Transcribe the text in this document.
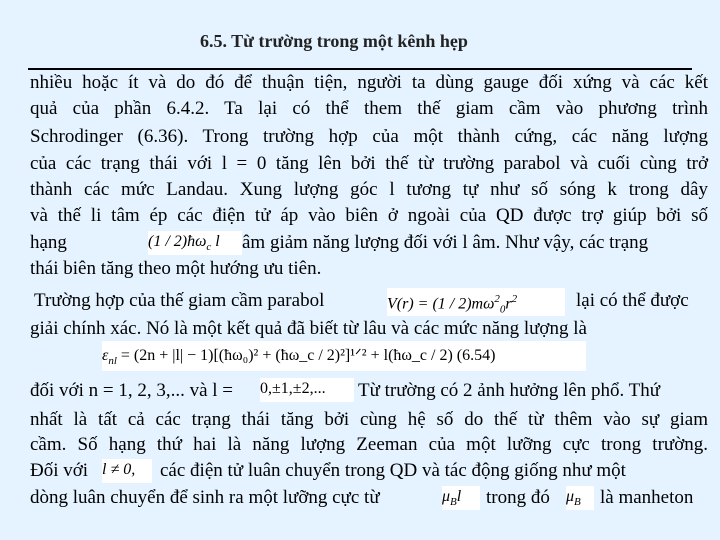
6.5. Từ trường trong một kênh hẹp
nhiều hoặc ít và do đó để thuận tiện, người ta dùng gauge đối xứng và các kết
quả của phần 6.4.2. Ta lại có thể them thế giam cầm vào phương trình
Schrodinger (6.36). Trong trường hợp của một thành cứng, các năng lượng
của các trạng thái với l = 0 tăng lên bởi thế từ trường parabol và cuối cùng trở
thành các mức Landau. Xung lượng góc l tương tự như số sóng k trong dây
và thế li tâm ép các điện tử áp vào biên ở ngoài của QD được trợ giúp bởi số
hạng	$(1 / 2)ħ\omega_c$ l	âm giảm năng lượng đối với l âm. Như vậy, các trạng
thái biên tăng theo một hướng ưu tiên.
Trường hợp của thế giam cầm parabol	$V(r) = (1 / 2)m\omega^2_0r^2$	lại có thể được
giải chính xác. Nó là một kết quả đã biết từ lâu và các mức năng lượng là
$\varepsilon_{nl} = (2n + |l|$ − 1)[(ħω₀)² + (ħω_c / 2)²]¹ᐟ² + l(ħω_c / 2) (6.54)
đối với n = 1, 2, 3,... và l = 0,±1,±2,...	Từ trường có 2 ảnh hưởng lên phổ. Thứ
nhất là tất cả các trạng thái tăng bởi cùng hệ số do thế từ thêm vào sự giam
cầm. Số hạng thứ hai là năng lượng Zeeman của một lưỡng cực trong trường.
Đối với l ≠ 0,	các điện tử luân chuyển trong QD và tác động giống như một
dòng luân chuyển để sinh ra một lưỡng cực từ	$\mu_Bl$	trong đó $\mu_B$	là manheton
